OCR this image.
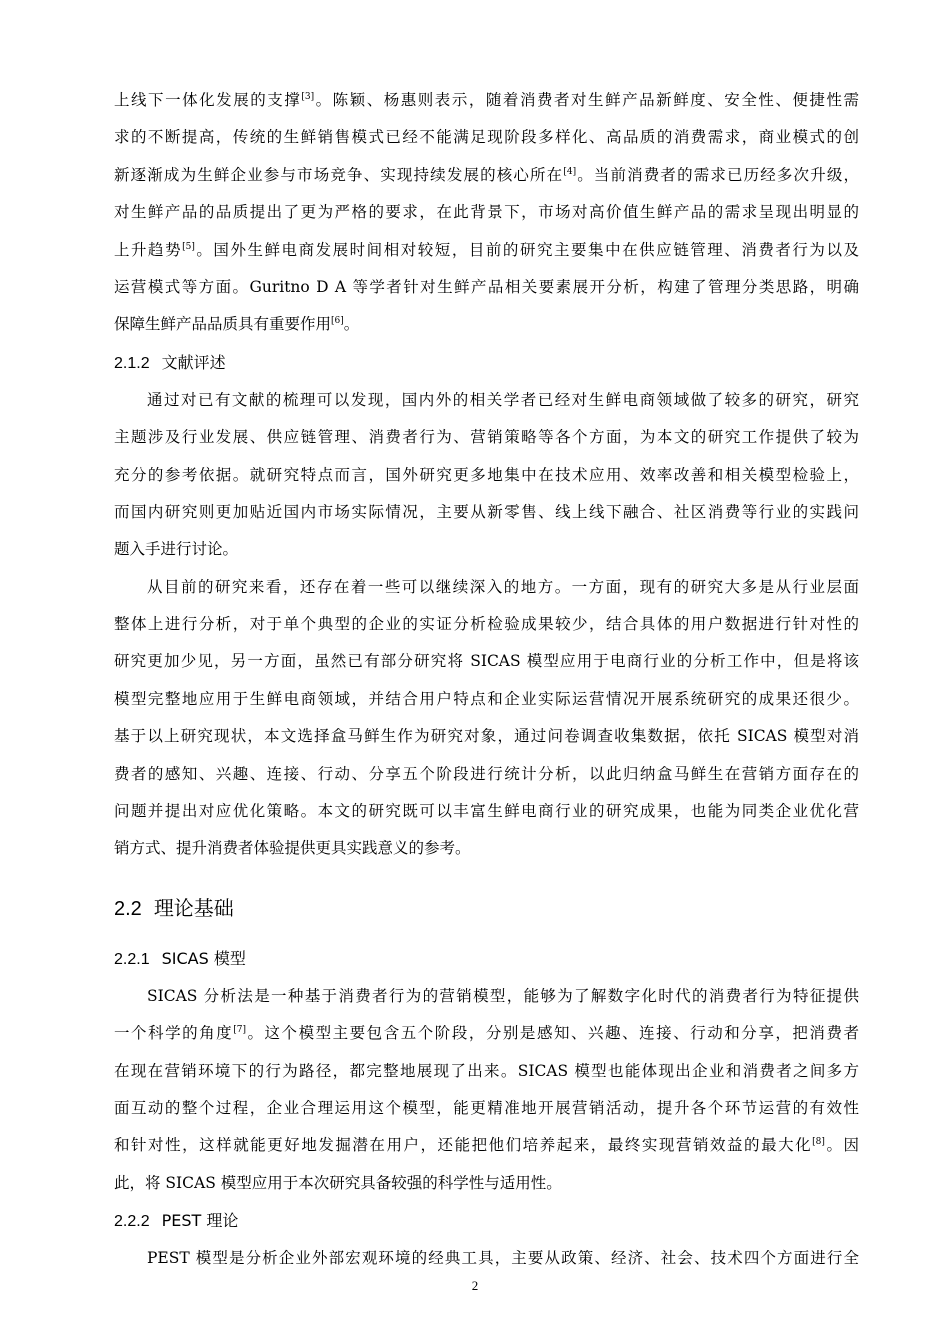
上线下一体化发展的支撑[3]。陈颖、杨惠则表示，随着消费者对生鲜产品新鲜度、安全性、便捷性需
求的不断提高，传统的生鲜销售模式已经不能满足现阶段多样化、高品质的消费需求，商业模式的创
新逐渐成为生鲜企业参与市场竞争、实现持续发展的核心所在[4]。当前消费者的需求已历经多次升级，
对生鲜产品的品质提出了更为严格的要求，在此背景下，市场对高价值生鲜产品的需求呈现出明显的
上升趋势[5]。国外生鲜电商发展时间相对较短，目前的研究主要集中在供应链管理、消费者行为以及
运营模式等方面。Guritno D A 等学者针对生鲜产品相关要素展开分析，构建了管理分类思路，明确
保障生鲜产品品质具有重要作用[6]。
2.1.2 文献评述
通过对已有文献的梳理可以发现，国内外的相关学者已经对生鲜电商领域做了较多的研究，研究
主题涉及行业发展、供应链管理、消费者行为、营销策略等各个方面，为本文的研究工作提供了较为
充分的参考依据。就研究特点而言，国外研究更多地集中在技术应用、效率改善和相关模型检验上，
而国内研究则更加贴近国内市场实际情况，主要从新零售、线上线下融合、社区消费等行业的实践问
题入手进行讨论。
从目前的研究来看，还存在着一些可以继续深入的地方。一方面，现有的研究大多是从行业层面
整体上进行分析，对于单个典型的企业的实证分析检验成果较少，结合具体的用户数据进行针对性的
研究更加少见，另一方面，虽然已有部分研究将 SICAS 模型应用于电商行业的分析工作中，但是将该
模型完整地应用于生鲜电商领域，并结合用户特点和企业实际运营情况开展系统研究的成果还很少。
基于以上研究现状，本文选择盒马鲜生作为研究对象，通过问卷调查收集数据，依托 SICAS 模型对消
费者的感知、兴趣、连接、行动、分享五个阶段进行统计分析，以此归纳盒马鲜生在营销方面存在的
问题并提出对应优化策略。本文的研究既可以丰富生鲜电商行业的研究成果，也能为同类企业优化营
销方式、提升消费者体验提供更具实践意义的参考。
2.2 理论基础
2.2.1 SICAS 模型
SICAS 分析法是一种基于消费者行为的营销模型，能够为了解数字化时代的消费者行为特征提供
一个科学的角度[7]。这个模型主要包含五个阶段，分别是感知、兴趣、连接、行动和分享，把消费者
在现在营销环境下的行为路径，都完整地展现了出来。SICAS 模型也能体现出企业和消费者之间多方
面互动的整个过程，企业合理运用这个模型，能更精准地开展营销活动，提升各个环节运营的有效性
和针对性，这样就能更好地发掘潜在用户，还能把他们培养起来，最终实现营销效益的最大化[8]。因
此，将 SICAS 模型应用于本次研究具备较强的科学性与适用性。
2.2.2 PEST 理论
PEST 模型是分析企业外部宏观环境的经典工具，主要从政策、经济、社会、技术四个方面进行全
2
